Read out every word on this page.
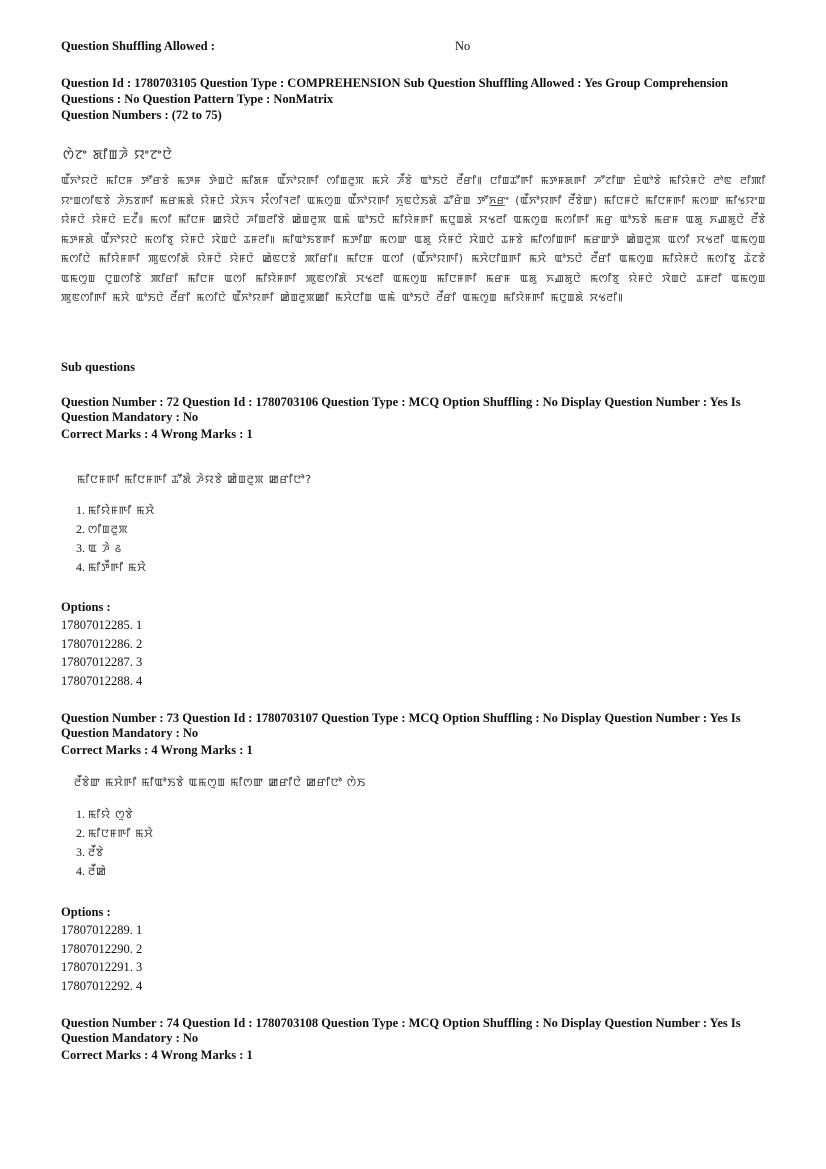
Question Shuffling Allowed :	No
Question Id : 1780703105 Question Type : COMPREHENSION Sub Question Shuffling Allowed : Yes Group Comprehension
Questions : No Question Pattern Type : NonMatrix
Question Numbers : (72 to 75)
ꯁꯥꯖꯦ ꯗꯤꯡꯍꯥ ꯌꯦꯖꯦꯅꯥ
ꯑꯩꯈꯣꯌꯅꯥ ꯃꯤꯅꯝ ꯇꯧꯔꯕꯥ ꯃꯇꯝ ꯇꯥꯡꯅꯥ ꯃꯤꯗꯝ ꯑꯩꯈꯣꯌꯒꯤ ꯁꯤꯡꯂꯨꯞ ꯃꯆꯥ ꯍꯩꯕꯥ ꯑꯣꯏꯅꯥ ꯂꯩꯔꯤ꯫ ꯅꯤꯡꯊꯧꯒꯤ ꯃꯇꯝꯗꯒꯤ ꯍꯧꯖꯤꯛ ꯐꯥꯑꯣꯕꯥ ꯃꯤꯌꯥꯝꯅꯥ ꯂꯣꯟ ꯂꯤꯄꯤ ꯌꯦꯡꯁꯤꯟꯕꯥ ꯍꯥꯏꯕꯒꯤ ꯃꯔꯃꯗꯥ ꯌꯥꯝꯅꯥ ꯋꯥꯈꯜ ꯆꯪꯁꯤꯜꯂꯤ ꯑꯃꯁꯨꯡ ꯑꯩꯈꯣꯌꯒꯤ ꯈꯨꯟꯅꯥꯏꯗꯥ ꯊꯧꯔꯥꯡ ꯇꯧꯈ꯭ꯔꯦ (ꯑꯩꯈꯣꯌꯒꯤ ꯂꯩꯕꯥꯛ) ꯃꯤꯅꯝꯅꯥ ꯃꯤꯅꯝꯒꯤ ꯃꯁꯛ ꯃꯤꯠꯌꯦꯡ ꯌꯥꯝꯅꯥ ꯌꯥꯝꯅꯥ ꯐꯖꯩ꯫ ꯃꯁꯤ ꯃꯤꯅꯝ ꯀꯌꯥꯅꯥ ꯍꯤꯡꯂꯤꯕꯥ ꯀꯥꯡꯂꯨꯞ ꯑꯃꯥ ꯑꯣꯏꯅꯥ ꯃꯤꯌꯥꯝꯒꯤ ꯃꯅꯨꯡꯗꯥ ꯆꯠꯂꯤ ꯑꯃꯁꯨꯡ ꯃꯁꯤꯒꯤ ꯃꯔꯨ ꯑꯣꯏꯕꯥ ꯃꯔꯝ ꯑꯗꯨ ꯈꯉꯗꯨꯅꯥ ꯂꯩꯕꯥ ꯃꯇꯝꯗꯥ ꯑꯩꯈꯣꯌꯅꯥ ꯃꯁꯤꯕꯨ ꯌꯥꯝꯅꯥ ꯋꯥꯡꯅꯥ ꯊꯝꯂꯤ꯫ ꯃꯤꯑꯣꯏꯕꯒꯤ ꯃꯇꯤꯛ ꯃꯁꯛ ꯑꯗꯨ ꯌꯥꯝꯅꯥ ꯋꯥꯡꯅꯥ ꯊꯝꯕꯥ ꯃꯤꯁꯤꯡꯒꯤ ꯃꯔꯛꯇꯥ ꯀꯥꯡꯂꯨꯞ ꯑꯁꯤ ꯆꯠꯂꯤ ꯑꯃꯁꯨꯡ ꯃꯁꯤꯅꯥ ꯃꯤꯌꯥꯝꯒꯤ ꯄꯨꯟꯁꯤꯗꯥ ꯌꯥꯝꯅꯥ ꯌꯥꯝꯅꯥ ꯀꯥꯟꯅꯕꯥ ꯄꯤꯔꯤ꯫ ꯃꯤꯅꯝ ꯑꯁꯤ (ꯑꯩꯈꯣꯌꯒꯤ) ꯃꯆꯥꯅꯤꯡꯒꯤ ꯃꯆꯥ ꯑꯣꯏꯅꯥ ꯂꯩꯔꯤ ꯑꯃꯁꯨꯡ ꯃꯤꯌꯥꯝꯅꯥ ꯃꯁꯤꯕꯨ ꯊꯥꯖꯕꯥ ꯑꯃꯁꯨꯡ ꯅꯨꯡꯁꯤꯕꯥ ꯄꯤꯔꯤ ꯃꯤꯅꯝ ꯑꯁꯤ ꯃꯤꯌꯥꯝꯒꯤ ꯄꯨꯟꯁꯤꯗꯥ ꯆꯠꯂꯤ ꯑꯃꯁꯨꯡ ꯃꯤꯅꯝꯒꯤ ꯃꯔꯝ ꯑꯗꯨ ꯈꯉꯗꯨꯅꯥ ꯃꯁꯤꯕꯨ ꯌꯥꯝꯅꯥ ꯋꯥꯡꯅꯥ ꯊꯝꯂꯤ ꯑꯃꯁꯨꯡ ꯄꯨꯟꯁꯤꯒꯤ ꯃꯆꯥ ꯑꯣꯏꯅꯥ ꯂꯩꯔꯤ ꯃꯁꯤꯅꯥ ꯑꯩꯈꯣꯌꯒꯤ ꯀꯥꯡꯂꯨꯞꯀꯤ ꯃꯆꯥꯅꯤꯡ ꯑꯃꯥ ꯑꯣꯏꯅꯥ ꯂꯩꯔꯤ ꯑꯃꯁꯨꯡ ꯃꯤꯌꯥꯝꯒꯤ ꯃꯅꯨꯡꯗꯥ ꯆꯠꯂꯤ꯫
Sub questions
Question Number : 72 Question Id : 1780703106 Question Type : MCQ Option Shuffling : No Display Question Number : Yes Is
Question Mandatory : No
Correct Marks : 4 Wrong Marks : 1
ꯃꯤꯅꯝꯒꯤ ꯃꯤꯅꯝꯒꯤ ꯊꯧꯗꯥ ꯍꯥꯌꯕꯥ ꯀꯥꯡꯂꯨꯞ ꯀꯔꯤꯅꯣ?
1. ꯃꯤꯌꯥꯝꯒꯤ ꯃꯆꯥ
2. ꯁꯤꯡꯂꯨꯞ
3. ꯑ ꯍꯥ ꯴
4. ꯃꯤꯇꯩꯒꯤ ꯃꯆꯥ
Options :
17807012285. 1
17807012286. 2
17807012287. 3
17807012288. 4
Question Number : 73 Question Id : 1780703107 Question Type : MCQ Option Shuffling : No Display Question Number : Yes Is
Question Mandatory : No
Correct Marks : 4 Wrong Marks : 1
ꯂꯩꯕꯥꯛ ꯃꯆꯥꯒꯤ ꯃꯤꯑꯣꯏꯕꯥ ꯑꯃꯁꯨꯡ ꯃꯤꯁꯛ ꯀꯔꯤꯅꯥ ꯀꯔꯤꯅꯣ ꯁꯥꯏ
1. ꯃꯤꯌꯥ ꯁꯨꯕꯥ
2. ꯃꯤꯅꯝꯒꯤ ꯃꯆꯥ
3. ꯂꯩꯕꯥ
4. ꯂꯩꯀꯥ
Options :
17807012289. 1
17807012290. 2
17807012291. 3
17807012292. 4
Question Number : 74 Question Id : 1780703108 Question Type : MCQ Option Shuffling : No Display Question Number : Yes Is
Question Mandatory : No
Correct Marks : 4 Wrong Marks : 1
